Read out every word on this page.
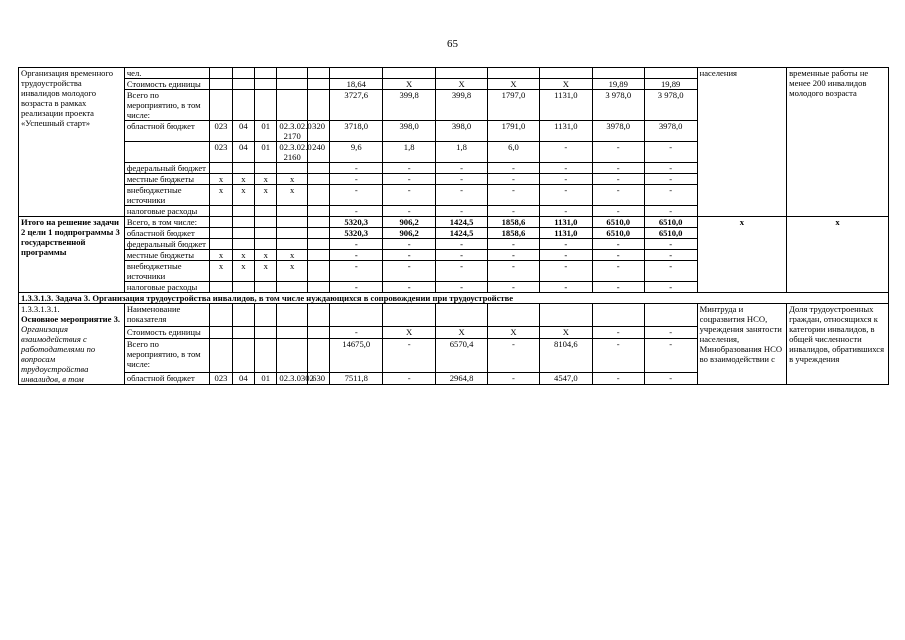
65
Организация временного трудоустройства инвалидов молодого возраста в рамках реализации проекта «Успешный старт»	чел.													населения	временные работы не менее 200 инвалидов молодого возраста
	Стоимость единицы						18,64	Х	Х	Х	Х	19,89	19,89		
	Всего по мероприятию, в том числе:						3727,6	399,8	399,8	1797,0	1131,0	3 978,0	3 978,0		
	областной бюджет	023	04	01	02.3.02.0 2170	320	3718,0	398,0	398,0	1791,0	1131,0	3978,0	3978,0		
		023	04	01	02.3.02.0 2160	240	9,6	1,8	1,8	6,0	-	-	-		
	федеральный бюджет						-	-	-	-	-	-	-		
	местные бюджеты	х	х	х	х		-	-	-	-	-	-	-		
	внебюджетные источники	х	х	х	х		-	-	-	-	-	-	-		
	налоговые расходы						-	-	-	-	-	-	-		
Итого на решение задачи 2 цели 1 подпрограммы 3 государственной программы	Всего, в том числе:						5320,3	906,2	1424,5	1858,6	1131,0	6510,0	6510,0	х	х
	областной бюджет						5320,3	906,2	1424,5	1858,6	1131,0	6510,0	6510,0		
	федеральный бюджет						-	-	-	-	-	-	-		
	местные бюджеты	х	х	х	х		-	-	-	-	-	-	-		
	внебюджетные источники	х	х	х	х		-	-	-	-	-	-	-		
	налоговые расходы						-	-	-	-	-	-	-		
1.3.3.1.3. Задача 3. Организация трудоустройства инвалидов, в том числе нуждающихся в сопровождении при трудоустройстве															

1.3.3.1.3.1.
Основное мероприятие 3.
Организация взаимодействия с работодателями по вопросам трудоустройства инвалидов, в том	Наименование показателя													Минтруда и соцразвития НСО, учреждения занятости населения, Минобразования НСО во взаимодействии с	Доля трудоустроенных граждан, относящихся к категории инвалидов, в общей численности инвалидов, обратившихся в учреждения
	Стоимость единицы						-	Х	Х	Х	Х	-	-		
	Всего по мероприятию, в том числе:						14675,0	-	6570,4	-	8104,6	-	-		
	областной бюджет	023	04	01	02.3.0302	630	7511,8	-	2964,8	-	4547,0	-	-		
